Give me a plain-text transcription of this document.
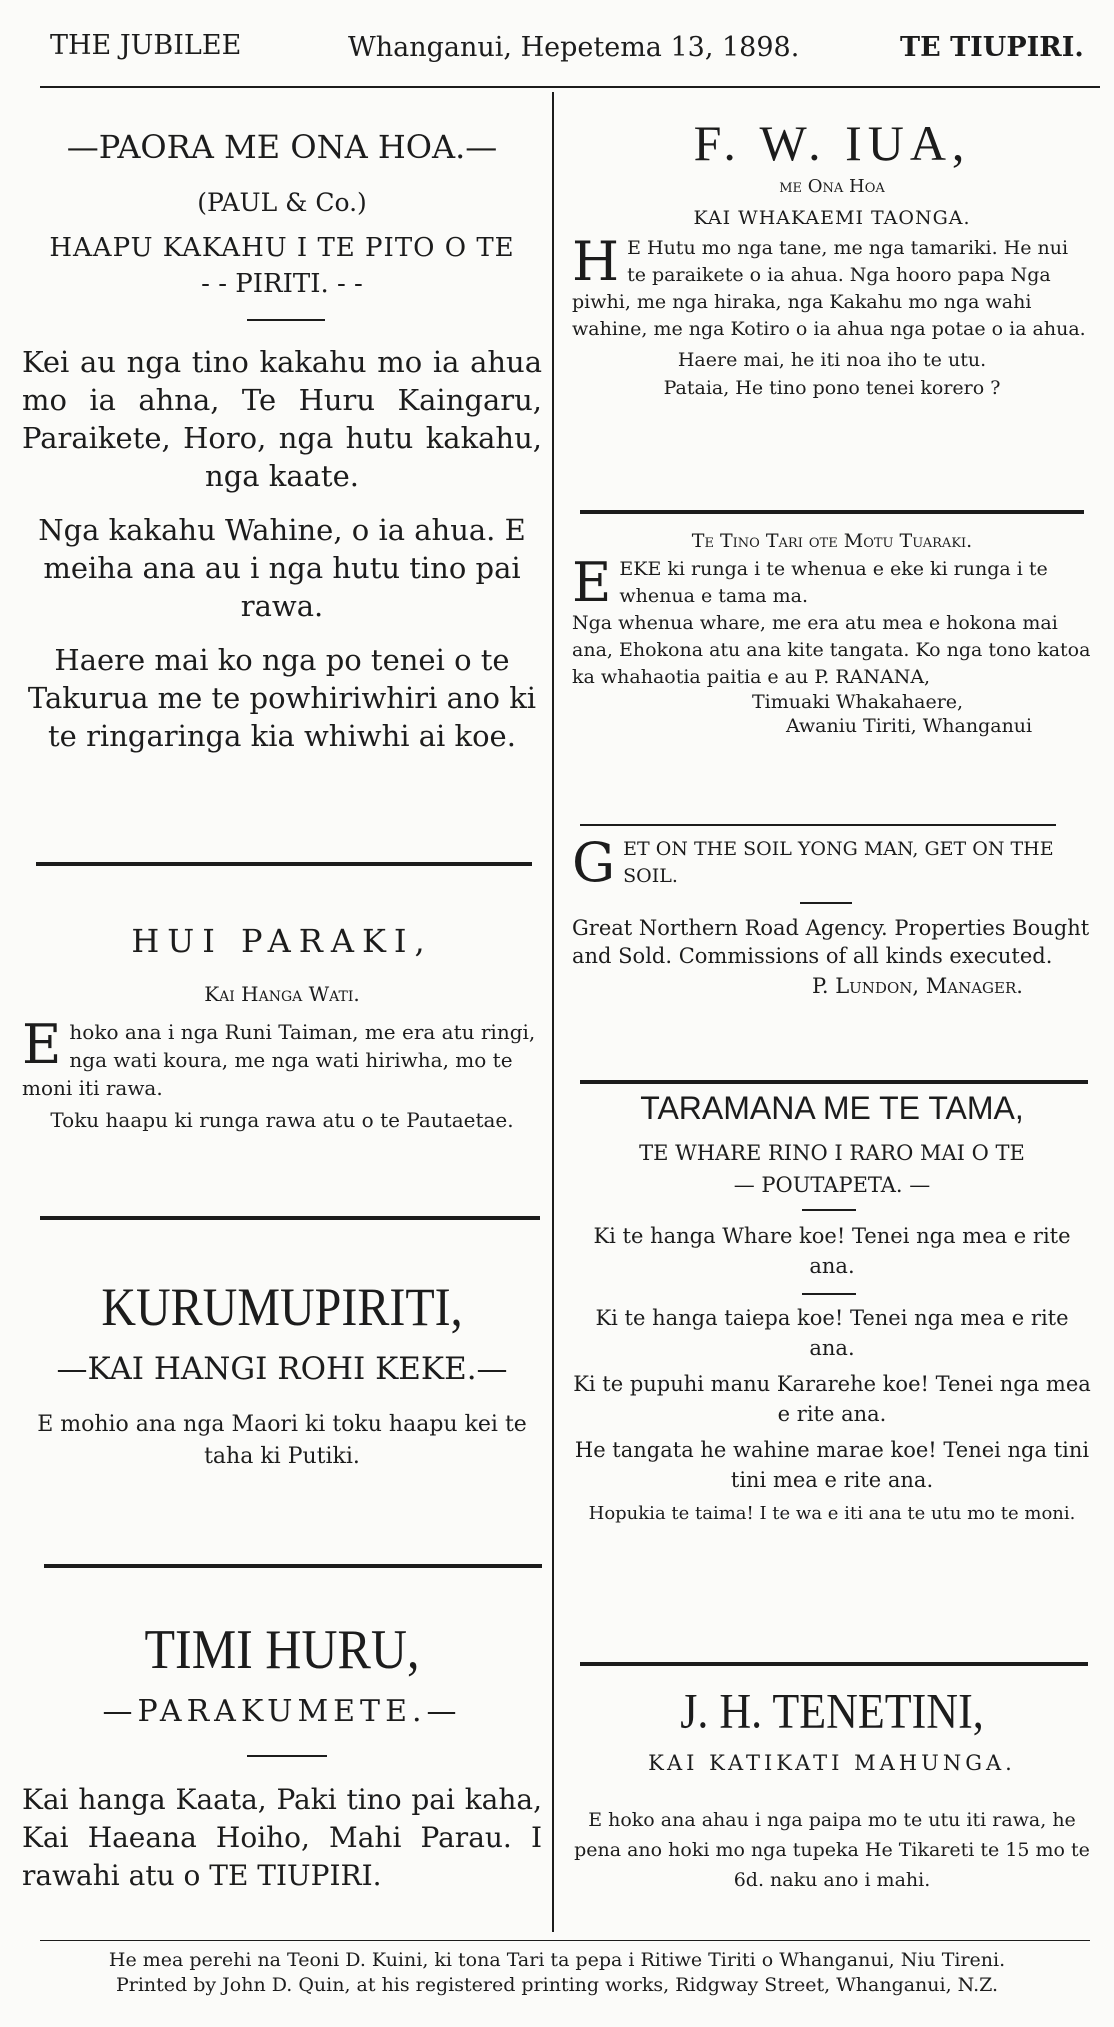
THE JUBILEE	Whanganui, Hepetema 13, 1898.	TE TIUPIRI.
—PAORA ME ONA HOA.—
(PAUL & Co.)
HAAPU KAKAHU I TE PITO O TE
- - PIRITI. - -

Kei au nga tino kakahu mo ia ahua mo ia ahna, Te Huru Kaingaru, Paraikete, Horo, nga hutu kakahu, nga kaate.

Nga kakahu Wahine, o ia ahua. E meiha ana au i nga hutu tino pai rawa.

Haere mai ko nga po tenei o te Takurua me te powhiriwhiri ano ki te ringaringa kia whiwhi ai koe.

HUI PARAKI,
Kai Hanga Wati.
E hoko ana i nga Runi Taiman, me era atu ringi, nga wati koura, me nga wati hiriwha, mo te moni iti rawa.
Toku haapu ki runga rawa atu o te Pautaetae.
KURUMUPIRITI,
—KAI HANGI ROHI KEKE.—

E mohio ana nga Maori ki toku haapu kei te taha ki Putiki.

TIMI HURU,
—PARAKUMETE.—

Kai hanga Kaata, Paki tino pai kaha, Kai Haeana Hoiho, Mahi Parau. I rawahi atu o TE TIUPIRI.

F. W. IUA,
me Ona Hoa
KAI WHAKAEMI TAONGA.
H E Hutu mo nga tane, me nga tamariki. He nui te paraikete o ia ahua. Nga hooro papa Nga piwhi, me nga hiraka, nga Kakahu mo nga wahi wahine, me nga Kotiro o ia ahua nga potae o ia ahua.
Haere mai, he iti noa iho te utu.
Pataia, He tino pono tenei korero ?
Te Tino Tari ote Motu Tuaraki.
E EKE ki runga i te whenua e eke ki runga i te whenua e tama ma.

Nga whenua whare, me era atu mea e hokona mai ana, Ehokona atu ana kite tangata. Ko nga tono katoa ka whahaotia paitia e au P. RANANA,

Timuaki Whakahaere,
Awaniu Tiriti, Whanganui
G ET ON THE SOIL YONG MAN, GET ON THE SOIL.

Great Northern Road Agency. Properties Bought and Sold. Commissions of all kinds executed.

P. Lundon, Manager.
TARAMANA ME TE TAMA,
TE WHARE RINO I RARO MAI O TE
— POUTAPETA. —

Ki te hanga Whare koe! Tenei nga mea e rite ana.

Ki te hanga taiepa koe! Tenei nga mea e rite ana.

Ki te pupuhi manu Kararehe koe! Tenei nga mea e rite ana.

He tangata he wahine marae koe! Tenei nga tini tini mea e rite ana.

Hopukia te taima! I te wa e iti ana te utu mo te moni.

J. H. TENETINI,
KAI KATIKATI MAHUNGA.

E hoko ana ahau i nga paipa mo te utu iti rawa, he pena ano hoki mo nga tupeka He Tikareti te 15 mo te 6d. naku ano i mahi.

He mea perehi na Teoni D. Kuini, ki tona Tari ta pepa i Ritiwe Tiriti o Whanganui, Niu Tireni.
Printed by John D. Quin, at his registered printing works, Ridgway Street, Whanganui, N.Z.
